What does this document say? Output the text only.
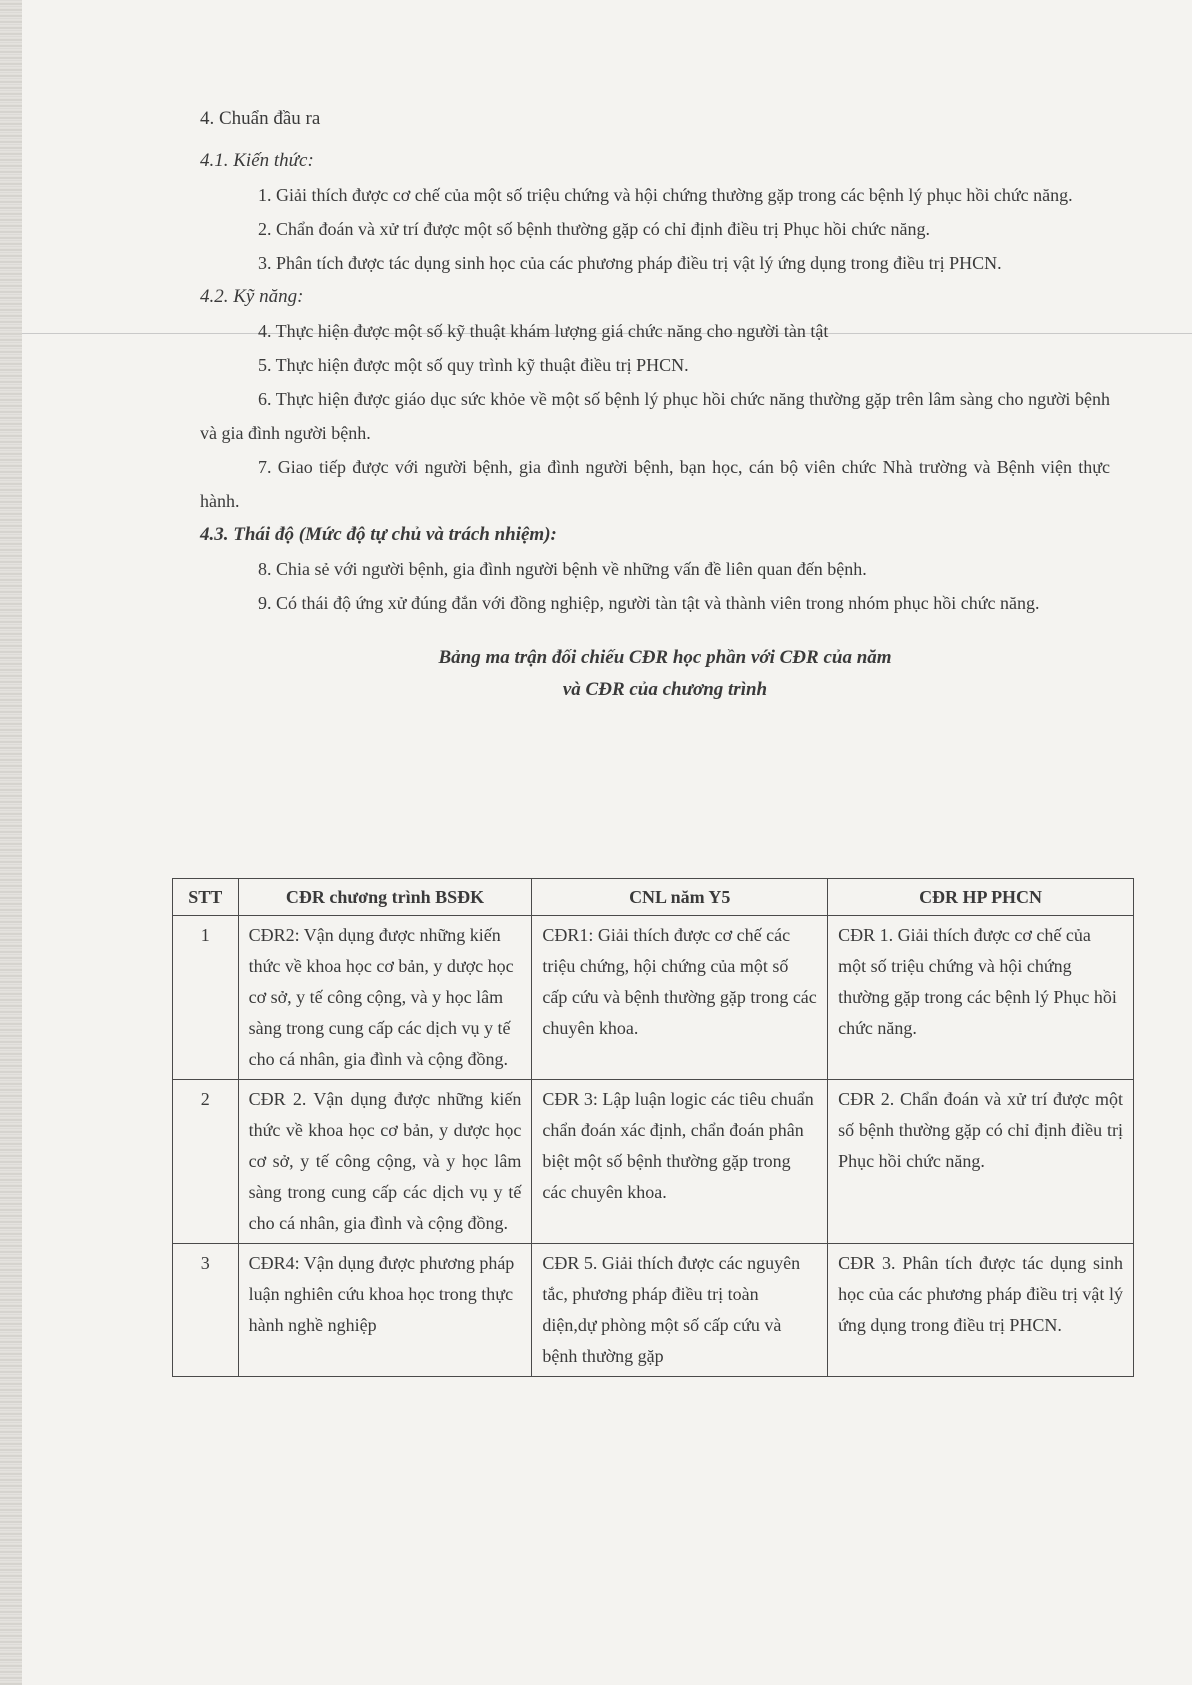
4. Chuẩn đầu ra

4.1. Kiến thức:

1. Giải thích được cơ chế của một số triệu chứng và hội chứng thường gặp trong các bệnh lý phục hồi chức năng.

2. Chẩn đoán và xử trí được một số bệnh thường gặp có chỉ định điều trị Phục hồi chức năng.

3. Phân tích được tác dụng sinh học của các phương pháp điều trị vật lý ứng dụng trong điều trị PHCN.

4.2. Kỹ năng:

4. Thực hiện được một số kỹ thuật khám lượng giá chức năng cho người tàn tật

5. Thực hiện được một số quy trình kỹ thuật điều trị PHCN.

6. Thực hiện được giáo dục sức khỏe về một số bệnh lý phục hồi chức năng thường gặp trên lâm sàng cho người bệnh và gia đình người bệnh.

7. Giao tiếp được với người bệnh, gia đình người bệnh, bạn học, cán bộ viên chức Nhà trường và Bệnh viện thực hành.

4.3. Thái độ (Mức độ tự chủ và trách nhiệm):

8. Chia sẻ với người bệnh, gia đình người bệnh về những vấn đề liên quan đến bệnh.

9. Có thái độ ứng xử đúng đắn với đồng nghiệp, người tàn tật và thành viên trong nhóm phục hồi chức năng.

Bảng ma trận đối chiếu CĐR học phần với CĐR của năm
và CĐR của chương trình

STT	CĐR chương trình BSĐK	CNL năm Y5	CĐR HP PHCN
1	CĐR2: Vận dụng được những kiến thức về khoa học cơ bản, y dược học cơ sở, y tế công cộng, và y học lâm sàng trong cung cấp các dịch vụ y tế cho cá nhân, gia đình và cộng đồng.	CĐR1: Giải thích được cơ chế các triệu chứng, hội chứng của một số cấp cứu và bệnh thường gặp trong các chuyên khoa.	CĐR 1. Giải thích được cơ chế của một số triệu chứng và hội chứng thường gặp trong các bệnh lý Phục hồi chức năng.
2	CĐR 2. Vận dụng được những kiến thức về khoa học cơ bản, y dược học cơ sở, y tế công cộng, và y học lâm sàng trong cung cấp các dịch vụ y tế cho cá nhân, gia đình và cộng đồng.	CĐR 3: Lập luận logic các tiêu chuẩn chẩn đoán xác định, chẩn đoán phân biệt một số bệnh thường gặp trong các chuyên khoa.	CĐR 2. Chẩn đoán và xử trí được một số bệnh thường gặp có chỉ định điều trị Phục hồi chức năng.
3	CĐR4: Vận dụng được phương pháp luận nghiên cứu khoa học trong thực hành nghề nghiệp	CĐR 5. Giải thích được các nguyên tắc, phương pháp điều trị toàn diện,dự phòng một số cấp cứu và bệnh thường gặp	CĐR 3. Phân tích được tác dụng sinh học của các phương pháp điều trị vật lý ứng dụng trong điều trị PHCN.
